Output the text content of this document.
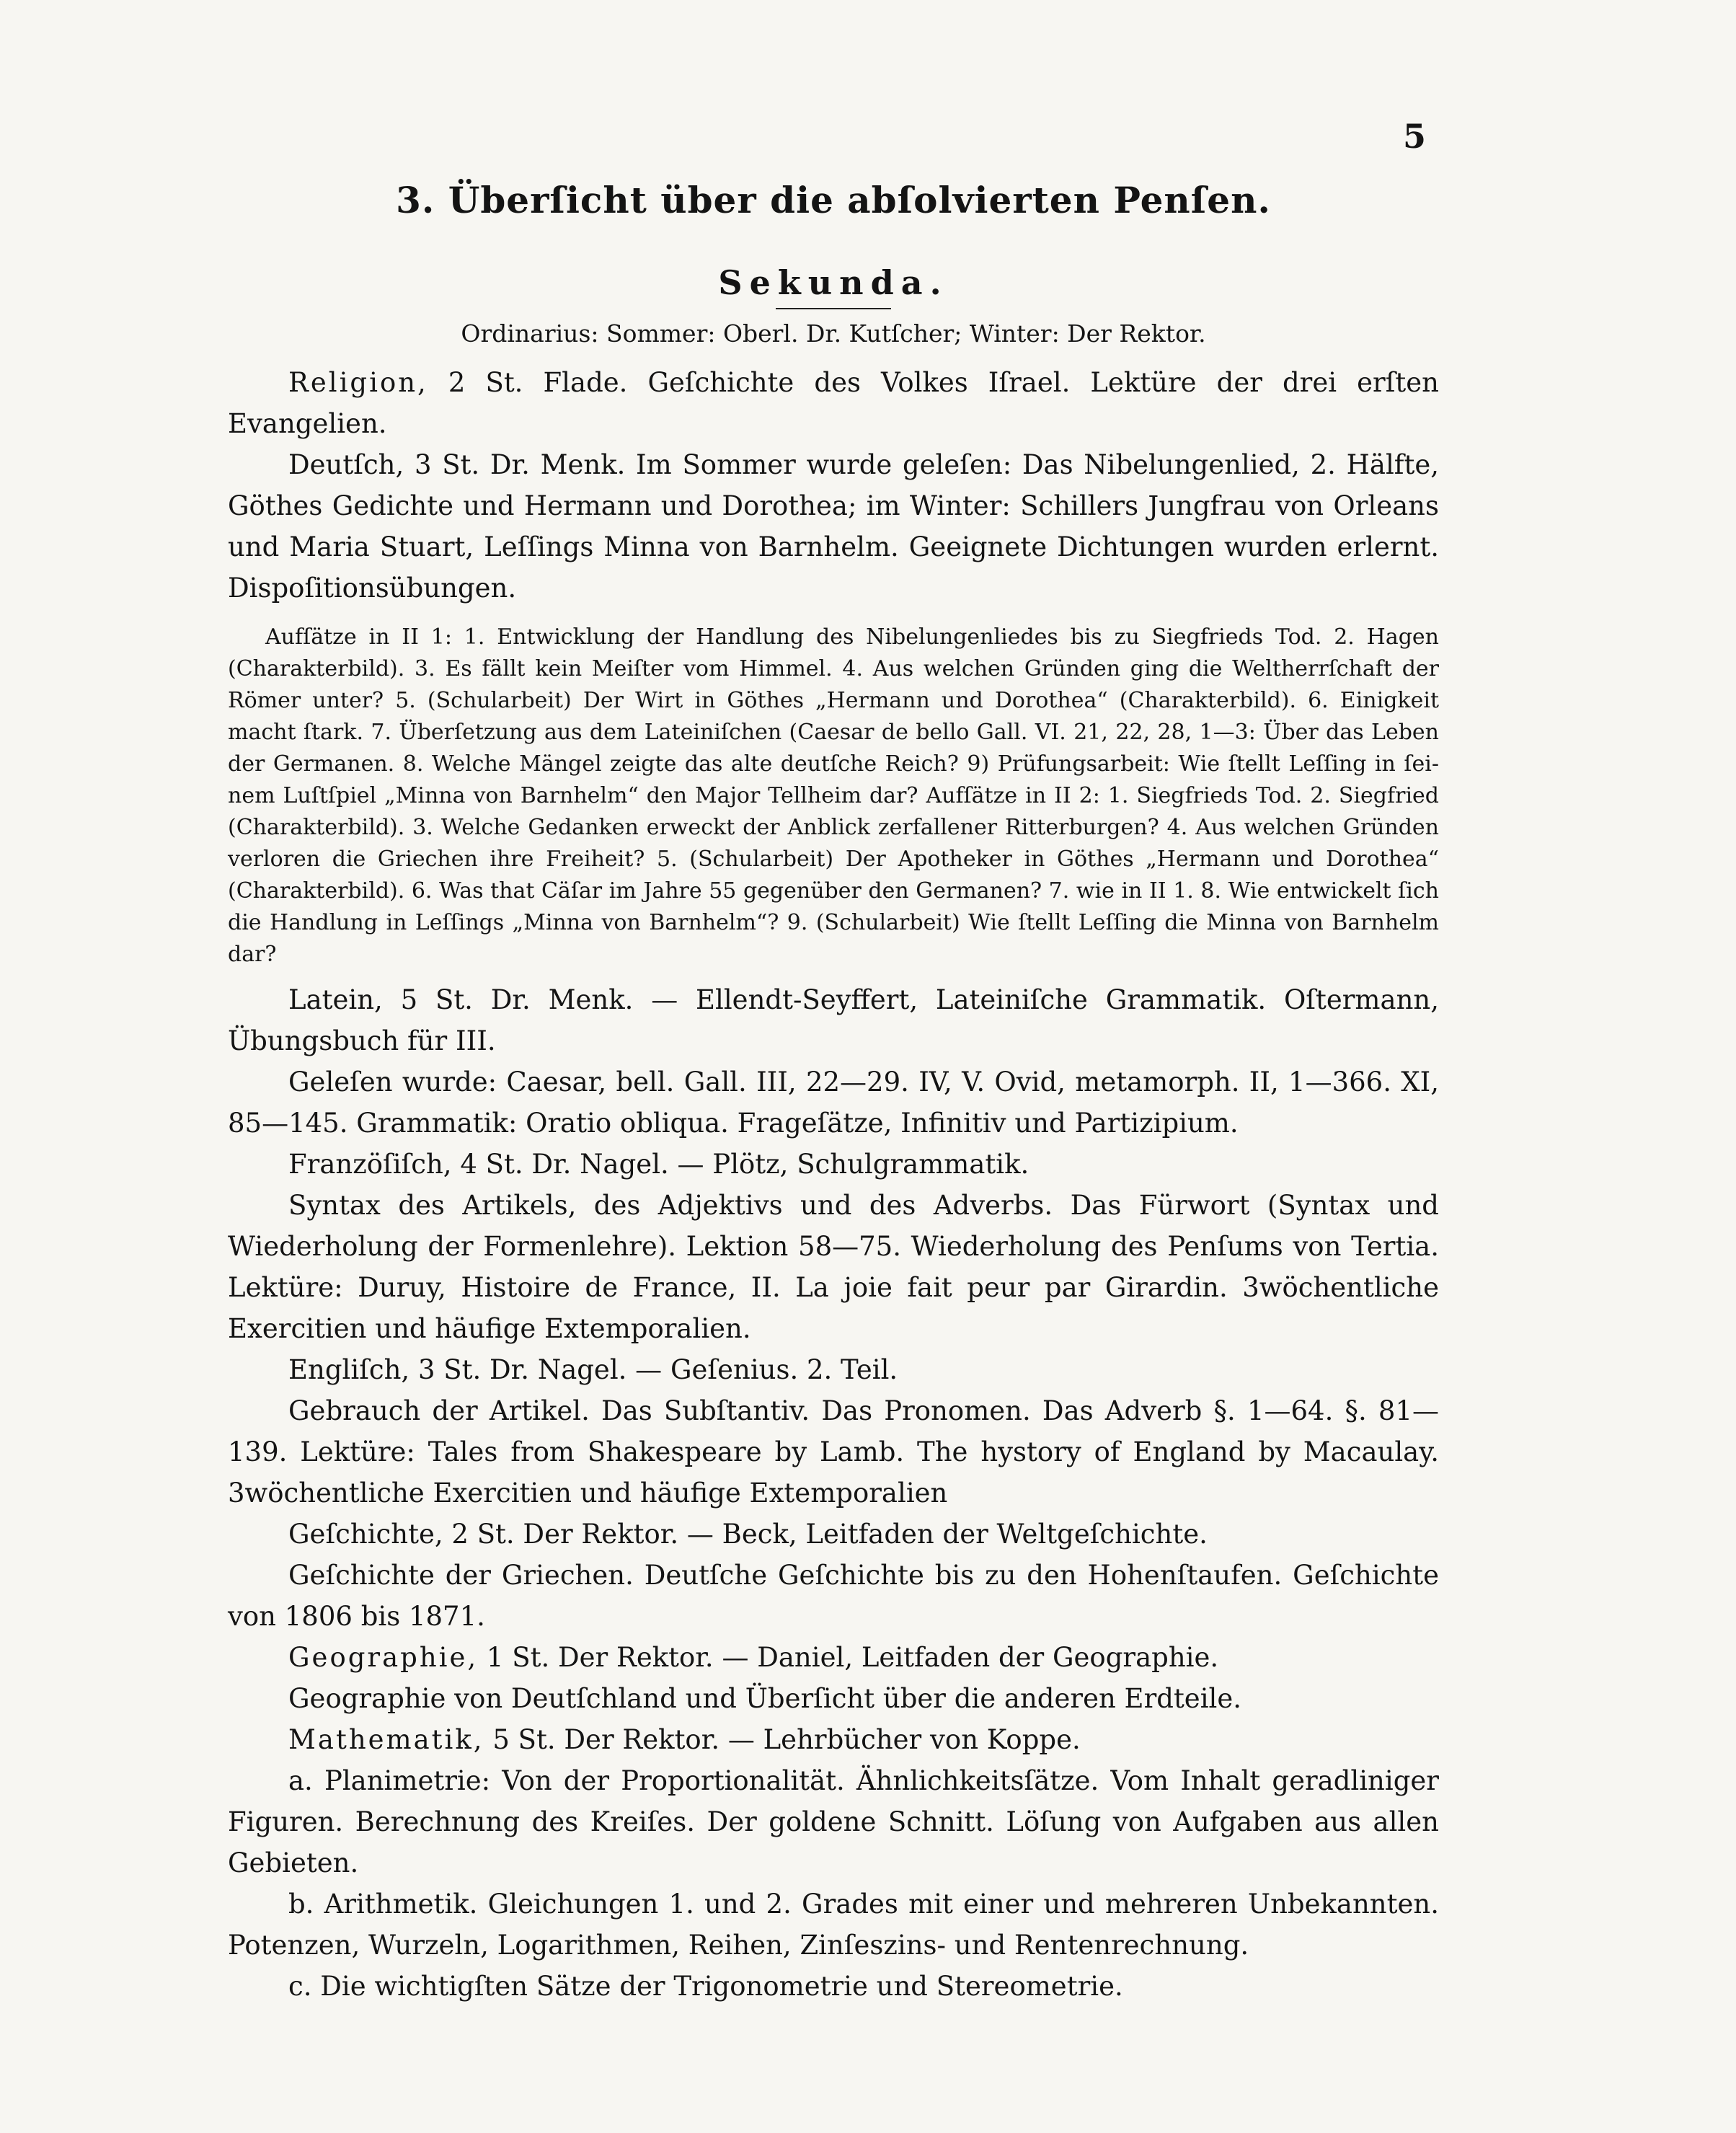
5
3. Überſicht über die abſolvierten Penſen.
Sekunda.

Ordinarius: Sommer: Oberl. Dr. Kutſcher; Winter: Der Rektor.

Religion, 2 St. Flade. Geſchichte des Volkes Iſrael. Lektüre der drei erſten Evangelien.

Deutſch, 3 St. Dr. Menk. Im Sommer wurde geleſen: Das Nibelungenlied, 2. Hälfte, Göthes Gedichte und Hermann und Dorothea; im Winter: Schillers Jungfrau von Orleans und Maria Stuart, Leſſings Minna von Barnhelm. Geeignete Dichtungen wurden erlernt. Dispoſitionsübungen.

Aufſätze in II 1: 1. Entwicklung der Handlung des Nibelungenliedes bis zu Siegfrieds Tod. 2. Hagen (Charakterbild). 3. Es fällt kein Meiſter vom Himmel. 4. Aus welchen Gründen ging die Weltherrſchaft der Römer unter? 5. (Schularbeit) Der Wirt in Göthes „Hermann und Dorothea“ (Charakterbild). 6. Einigkeit macht ſtark. 7. Überſetzung aus dem Lateiniſchen (Caesar de bello Gall. VI. 21, 22, 28, 1—3: Über das Leben der Germanen. 8. Welche Mängel zeigte das alte deutſche Reich? 9) Prüfungsarbeit: Wie ſtellt Leſſing in ſeinem Luſtſpiel „Minna von Barnhelm“ den Major Tellheim dar? Aufſätze in II 2: 1. Siegfrieds Tod. 2. Siegfried (Charakterbild). 3. Welche Gedanken erweckt der Anblick zerfallener Ritterburgen? 4. Aus welchen Gründen verloren die Griechen ihre Freiheit? 5. (Schularbeit) Der Apotheker in Göthes „Hermann und Dorothea“ (Charakterbild). 6. Was that Cäſar im Jahre 55 gegenüber den Germanen? 7. wie in II 1. 8. Wie entwickelt ſich die Handlung in Leſſings „Minna von Barnhelm“? 9. (Schularbeit) Wie ſtellt Leſſing die Minna von Barnhelm dar?

Latein, 5 St. Dr. Menk. — Ellendt-Seyffert, Lateiniſche Grammatik. Oſtermann, Übungsbuch für III.

Geleſen wurde: Caesar, bell. Gall. III, 22—29. IV, V. Ovid, metamorph. II, 1—366. XI, 85—145. Grammatik: Oratio obliqua. Frageſätze, Infinitiv und Partizipium.

Franzöſiſch, 4 St. Dr. Nagel. — Plötz, Schulgrammatik.

Syntax des Artikels, des Adjektivs und des Adverbs. Das Fürwort (Syntax und Wiederholung der Formenlehre). Lektion 58—75. Wiederholung des Penſums von Tertia. Lektüre: Duruy, Histoire de France, II. La joie fait peur par Girardin. 3wöchentliche Exercitien und häufige Extemporalien.

Engliſch, 3 St. Dr. Nagel. — Geſenius. 2. Teil.

Gebrauch der Artikel. Das Subſtantiv. Das Pronomen. Das Adverb §. 1—64. §. 81—139. Lektüre: Tales from Shakespeare by Lamb. The hystory of England by Macaulay. 3wöchentliche Exercitien und häufige Extemporalien

Geſchichte, 2 St. Der Rektor. — Beck, Leitfaden der Weltgeſchichte.

Geſchichte der Griechen. Deutſche Geſchichte bis zu den Hohenſtaufen. Geſchichte von 1806 bis 1871.

Geographie, 1 St. Der Rektor. — Daniel, Leitfaden der Geographie.

Geographie von Deutſchland und Überſicht über die anderen Erdteile.

Mathematik, 5 St. Der Rektor. — Lehrbücher von Koppe.

a. Planimetrie: Von der Proportionalität. Ähnlichkeitsſätze. Vom Inhalt geradliniger Figuren. Berechnung des Kreiſes. Der goldene Schnitt. Löſung von Aufgaben aus allen Gebieten.

b. Arithmetik. Gleichungen 1. und 2. Grades mit einer und mehreren Unbekannten. Potenzen, Wurzeln, Logarithmen, Reihen, Zinſeszins- und Rentenrechnung.

c. Die wichtigſten Sätze der Trigonometrie und Stereometrie.
